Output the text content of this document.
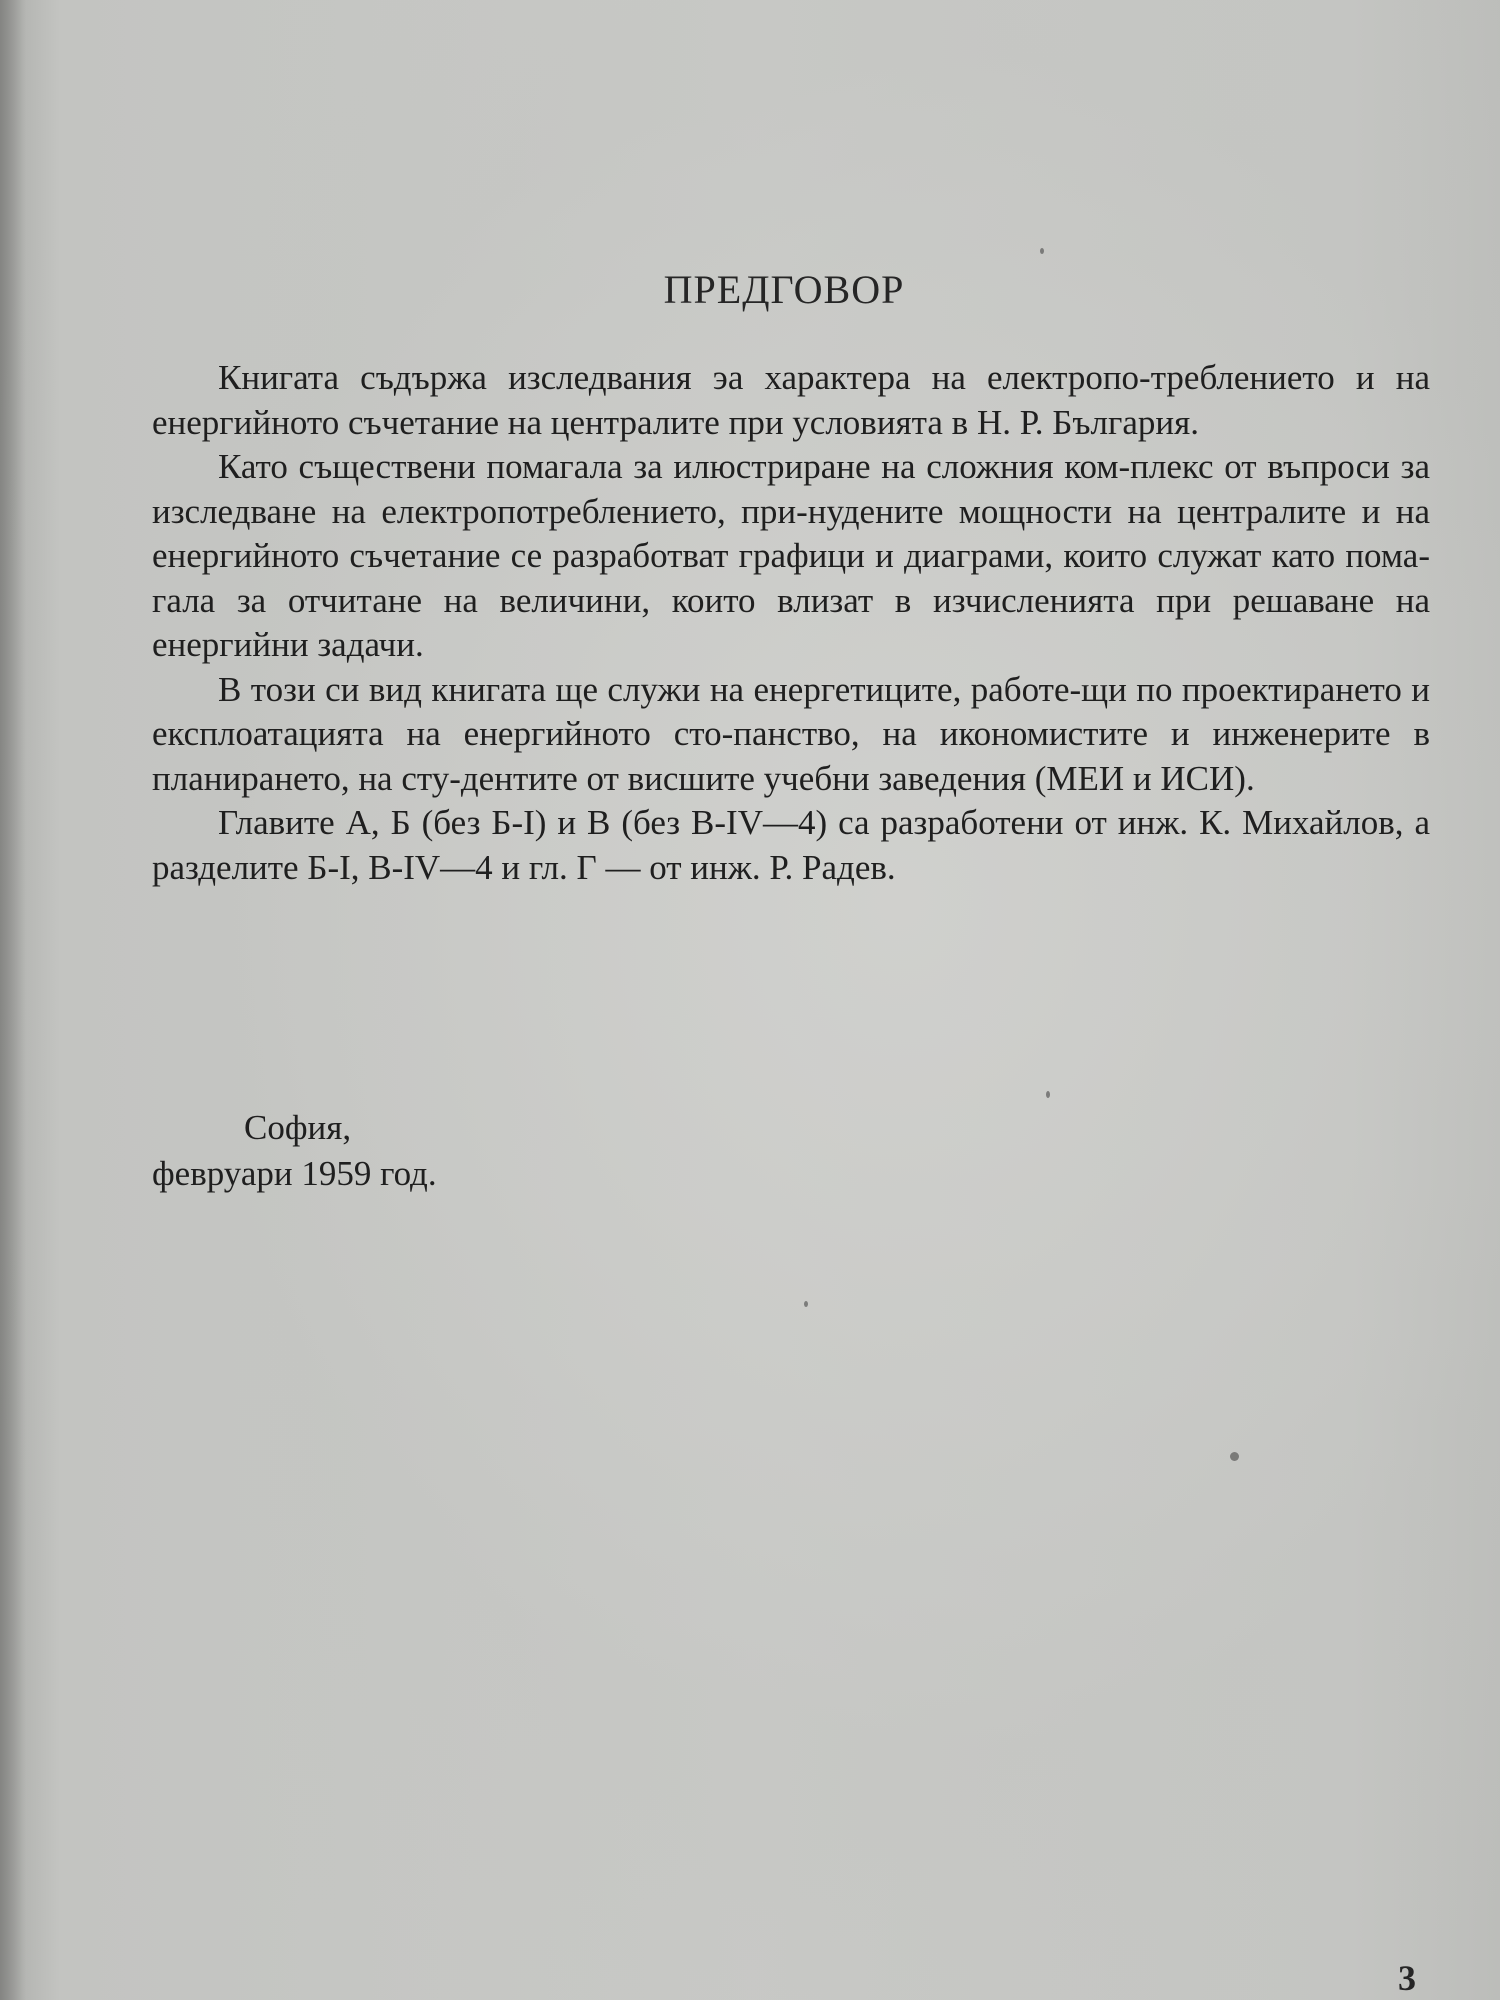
ПРЕДГОВОР

Книгата съдържа изследвания эа характера на електропо-треблението и на енергийното съчетание на централите при условията в Н. Р. България.

Като съществени помагала за илюстриране на сложния ком-плекс от въпроси за изследване на електропотреблението, при-нудените мощности на централите и на енергийното съчетание се разработват графици и диаграми, които служат като пома-гала за отчитане на величини, които влизат в изчисленията при решаване на енергийни задачи.

В този си вид книгата ще служи на енергетиците, работе-щи по проектирането и експлоатацията на енергийното сто-панство, на икономистите и инженерите в планирането, на сту-дентите от висшите учебни заведения (МЕИ и ИСИ).

Главите А, Б (без Б-I) и В (без В-IV—4) са разработени от инж. К. Михайлов, а разделите Б-I, В-IV—4 и гл. Г — от инж. Р. Радев.

София,
февруари 1959 год.
3
